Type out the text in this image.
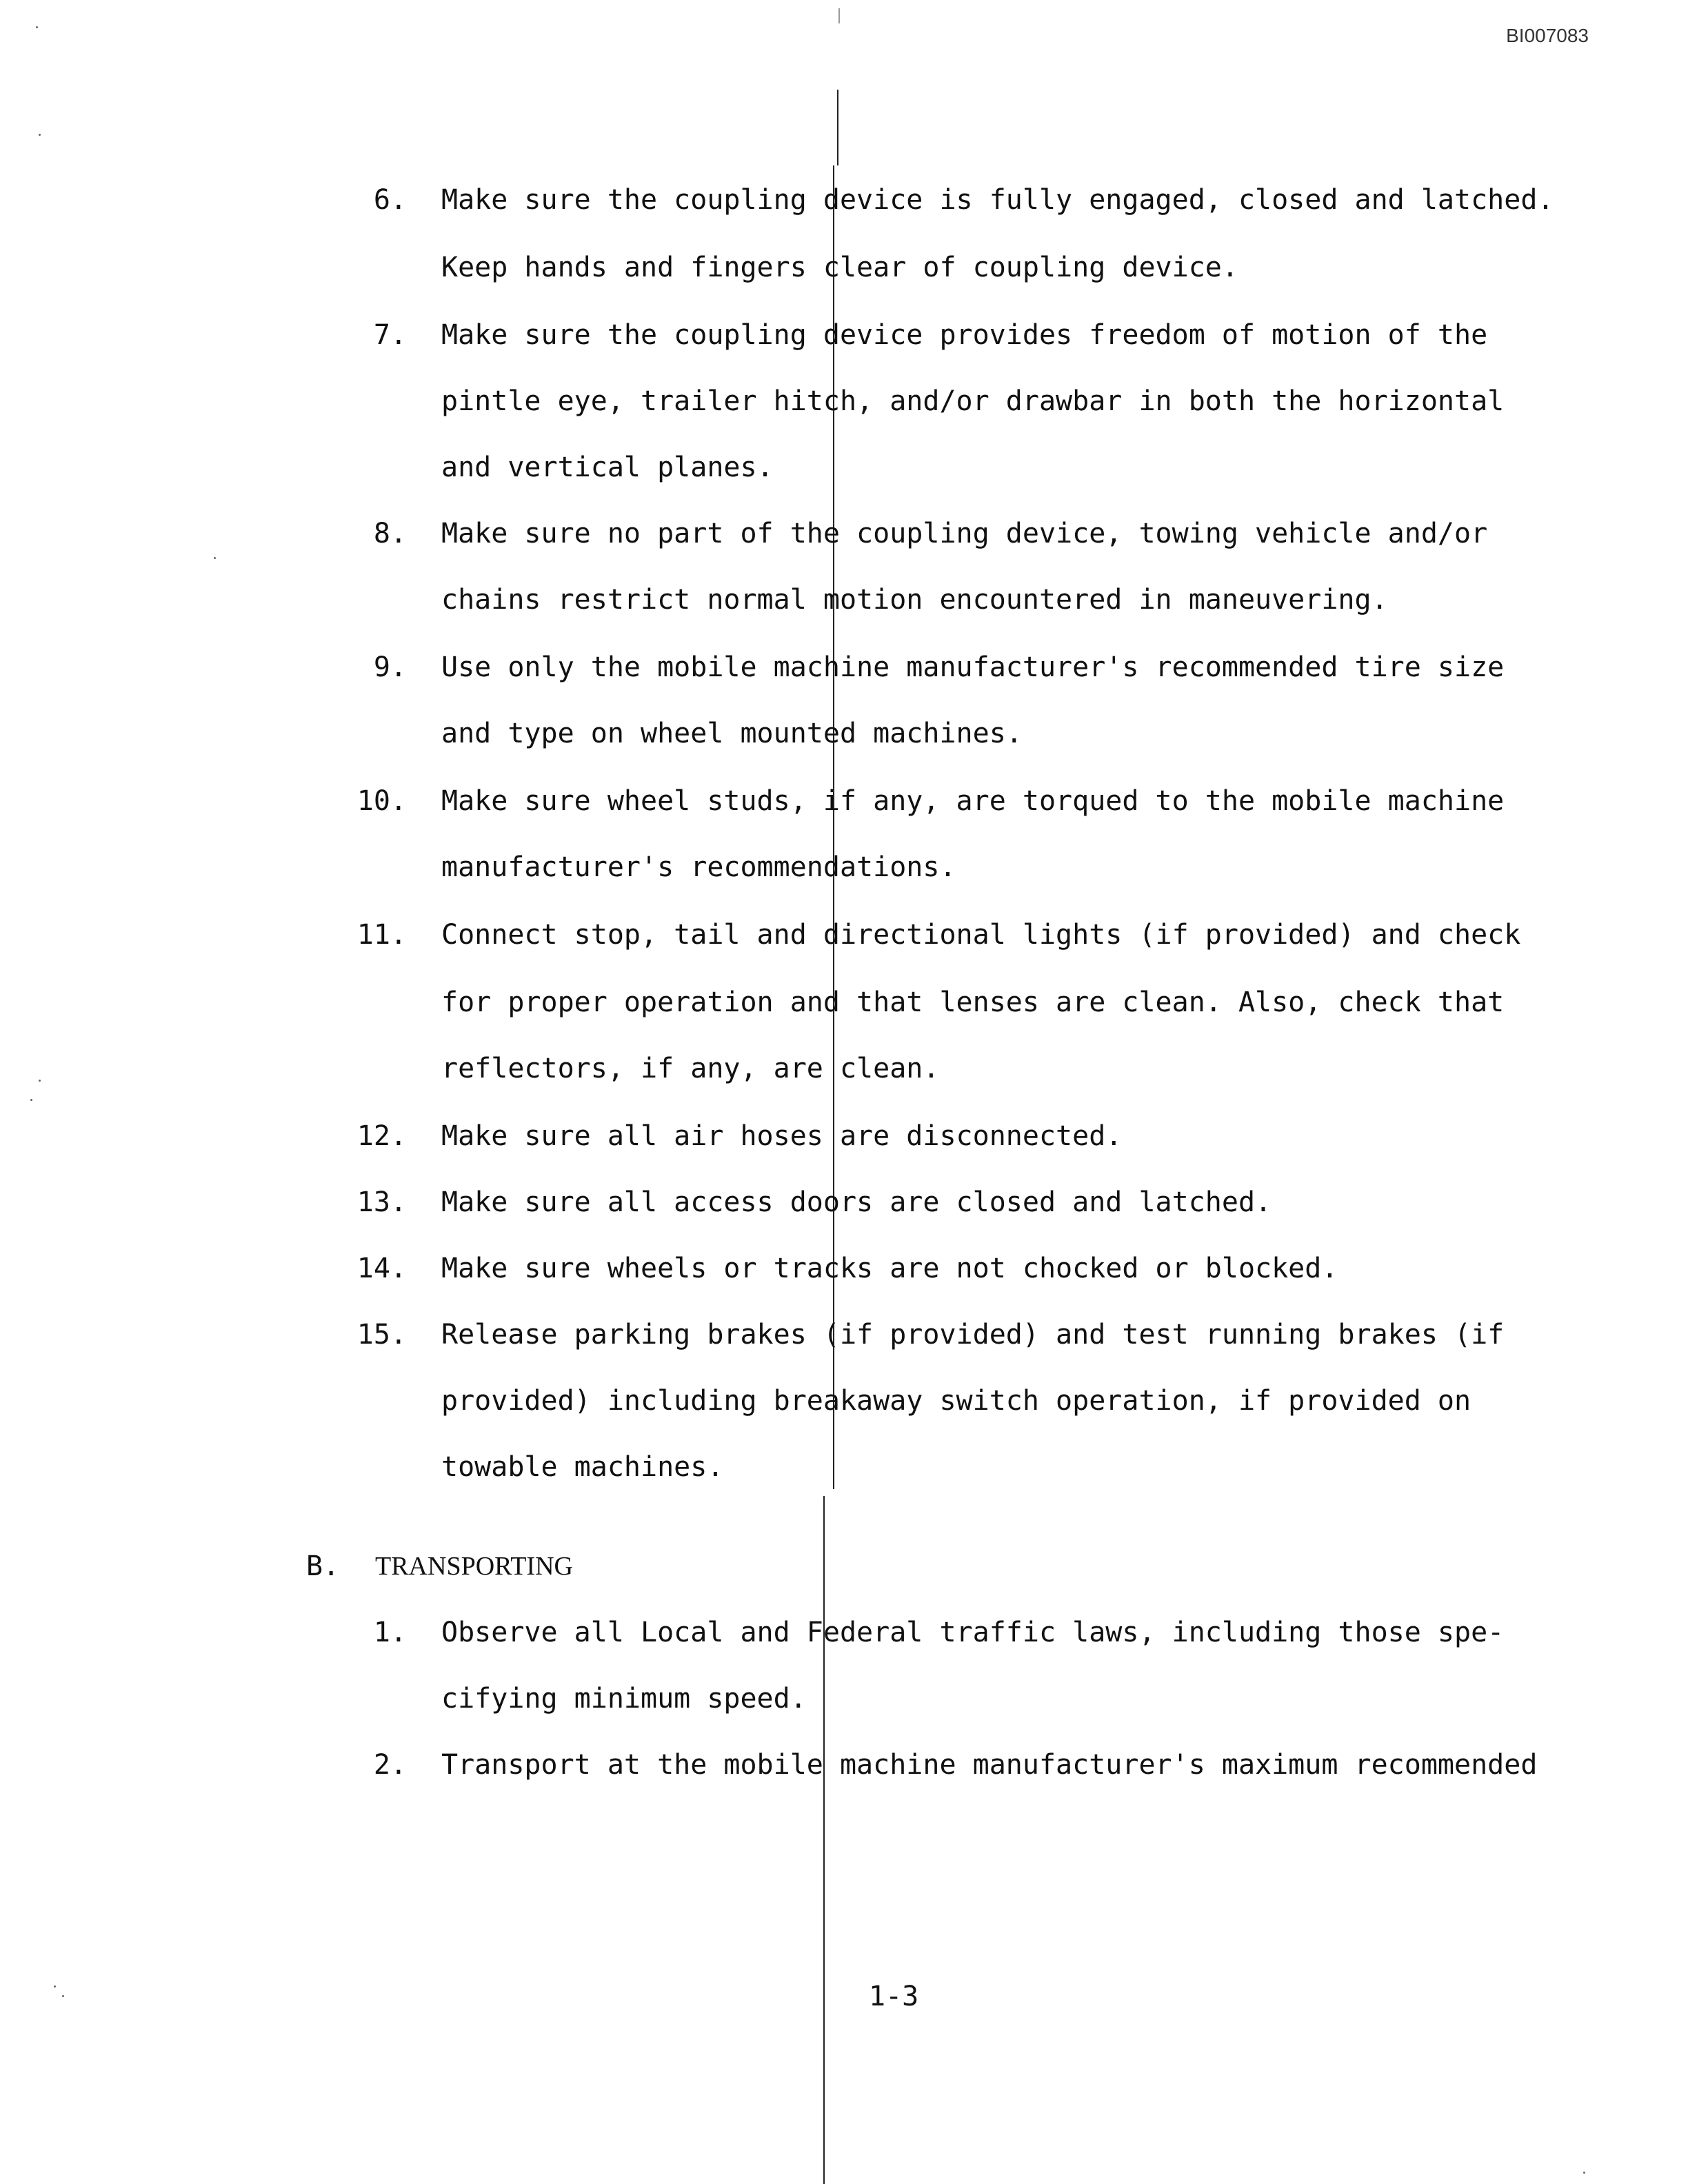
BI007083
6. Make sure the coupling device is fully engaged, closed and latched.
Keep hands and fingers clear of coupling device.
7. Make sure the coupling device provides freedom of motion of the
pintle eye, trailer hitch, and/or drawbar in both the horizontal
and vertical planes.
8. Make sure no part of the coupling device, towing vehicle and/or
chains restrict normal motion encountered in maneuvering.
9. Use only the mobile machine manufacturer's recommended tire size
and type on wheel mounted machines.
10. Make sure wheel studs, if any, are torqued to the mobile machine
manufacturer's recommendations.
11. Connect stop, tail and directional lights (if provided) and check
for proper operation and that lenses are clean. Also, check that
reflectors, if any, are clean.
12. Make sure all air hoses are disconnected.
13. Make sure all access doors are closed and latched.
14. Make sure wheels or tracks are not chocked or blocked.
15. Release parking brakes (if provided) and test running brakes (if
provided) including breakaway switch operation, if provided on
towable machines.
B. TRANSPORTING
1. Observe all Local and Federal traffic laws, including those spe-
cifying minimum speed.
2. Transport at the mobile machine manufacturer's maximum recommended
1-3
